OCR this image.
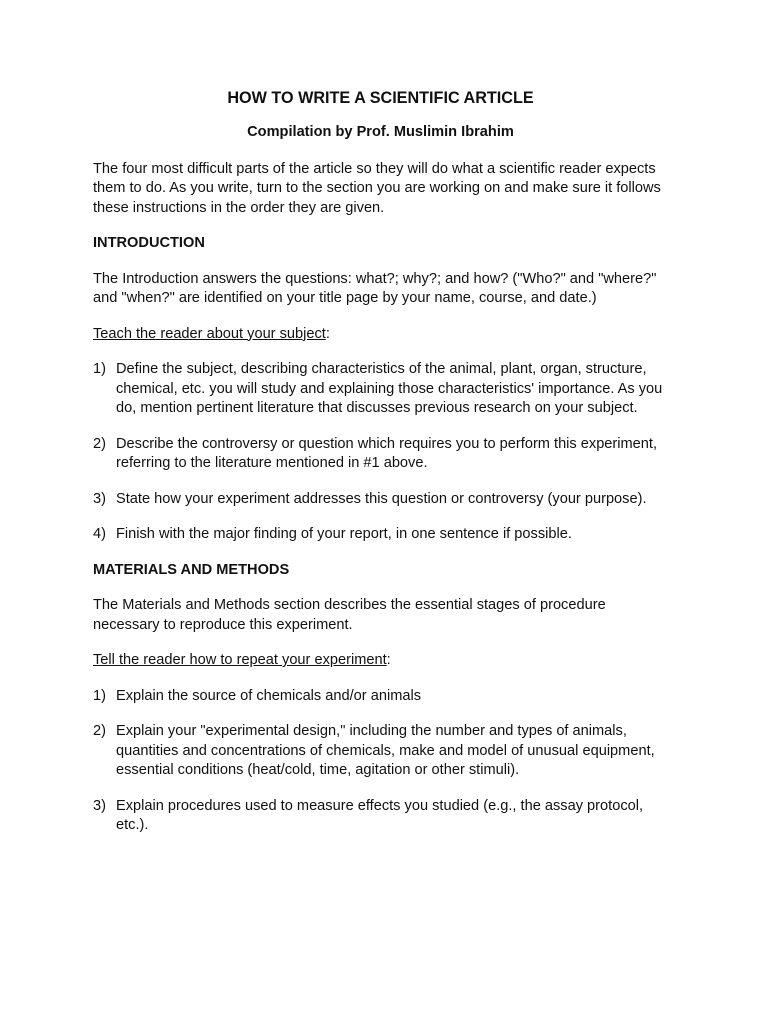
HOW TO WRITE A SCIENTIFIC ARTICLE

Compilation by Prof. Muslimin Ibrahim

The four most difficult parts of the article so they will do what a scientific reader expects them to do. As you write, turn to the section you are working on and make sure it follows these instructions in the order they are given.

INTRODUCTION

The Introduction answers the questions: what?; why?; and how? ("Who?" and "where?" and "when?" are identified on your title page by your name, course, and date.)

Teach the reader about your subject:

1) Define the subject, describing characteristics of the animal, plant, organ, structure, chemical, etc. you will study and explaining those characteristics' importance. As you do, mention pertinent literature that discusses previous research on your subject.
2) Describe the controversy or question which requires you to perform this experiment, referring to the literature mentioned in #1 above.
3) State how your experiment addresses this question or controversy (your purpose).
4) Finish with the major finding of your report, in one sentence if possible.

MATERIALS AND METHODS

The Materials and Methods section describes the essential stages of procedure necessary to reproduce this experiment.

Tell the reader how to repeat your experiment:

1) Explain the source of chemicals and/or animals
2) Explain your "experimental design," including the number and types of animals, quantities and concentrations of chemicals, make and model of unusual equipment, essential conditions (heat/cold, time, agitation or other stimuli).
3) Explain procedures used to measure effects you studied (e.g., the assay protocol, etc.).
